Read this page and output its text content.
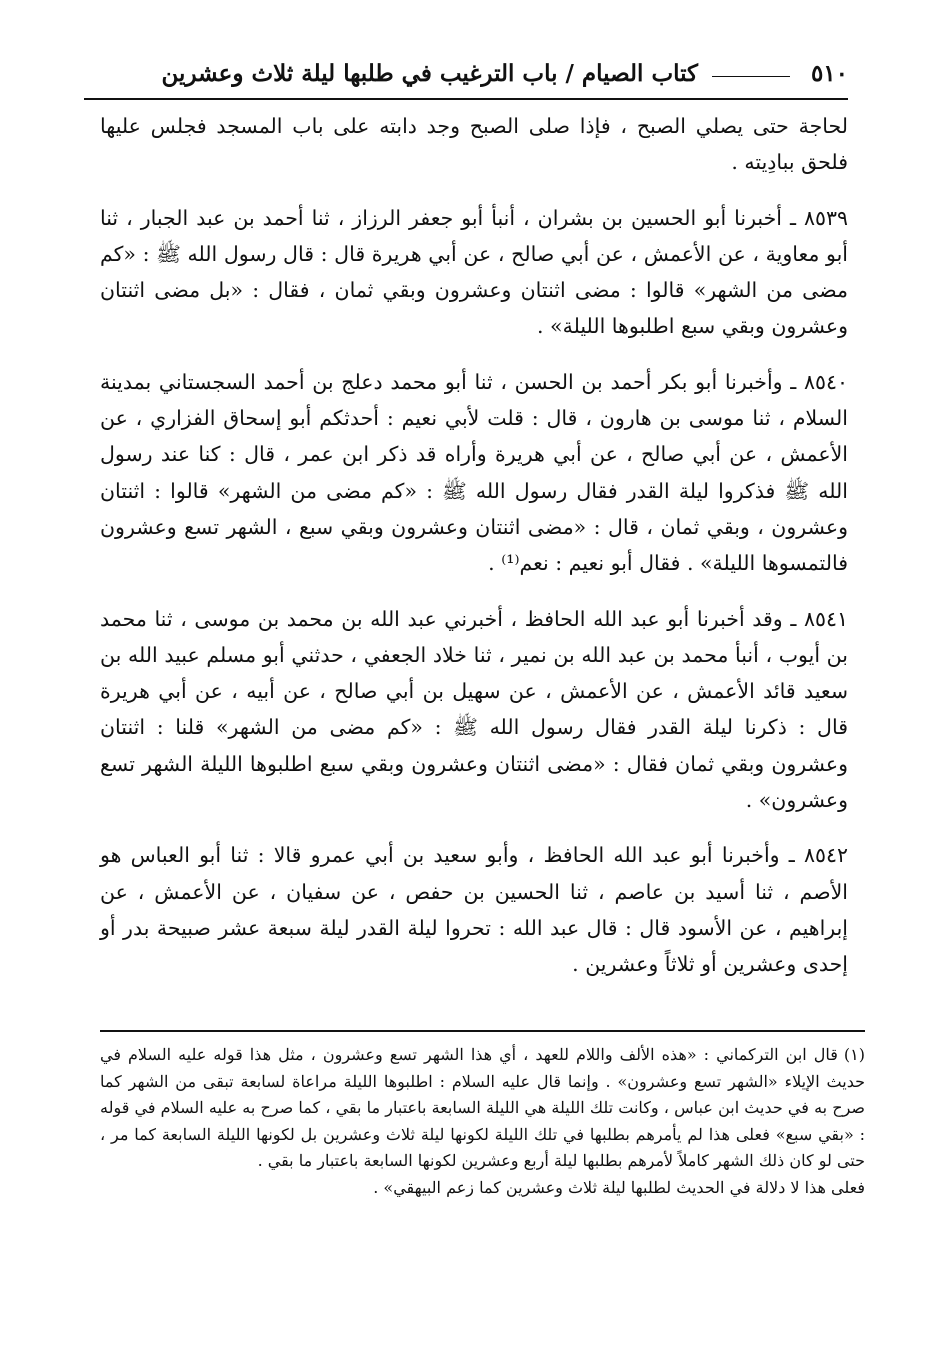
٥١٠
كتاب الصيام / باب الترغيب في طلبها ليلة ثلاث وعشرين

لحاجة حتى يصلي الصبح ، فإذا صلى الصبح وجد دابته على باب المسجد فجلس عليها فلحق ببادِيته .

٨٥٣٩ ـ أخبرنا أبو الحسين بن بشران ، أنبأ أبو جعفر الرزاز ، ثنا أحمد بن عبد الجبار ، ثنا أبو معاوية ، عن الأعمش ، عن أبي صالح ، عن أبي هريرة قال : قال رسول الله ﷺ : «كم مضى من الشهر» قالوا : مضى اثنتان وعشرون وبقي ثمان ، فقال : «بل مضى اثنتان وعشرون وبقي سبع اطلبوها الليلة» .

٨٥٤٠ ـ وأخبرنا أبو بكر أحمد بن الحسن ، ثنا أبو محمد دعلج بن أحمد السجستاني بمدينة السلام ، ثنا موسى بن هارون ، قال : قلت لأبي نعيم : أحدثكم أبو إسحاق الفزاري ، عن الأعمش ، عن أبي صالح ، عن أبي هريرة وأراه قد ذكر ابن عمر ، قال : كنا عند رسول الله ﷺ فذكروا ليلة القدر فقال رسول الله ﷺ : «كم مضى من الشهر» قالوا : اثنتان وعشرون ، وبقي ثمان ، قال : «مضى اثنتان وعشرون وبقي سبع ، الشهر تسع وعشرون فالتمسوها الليلة» . فقال أبو نعيم : نعم⁽¹⁾ .

٨٥٤١ ـ وقد أخبرنا أبو عبد الله الحافظ ، أخبرني عبد الله بن محمد بن موسى ، ثنا محمد بن أيوب ، أنبأ محمد بن عبد الله بن نمير ، ثنا خلاد الجعفي ، حدثني أبو مسلم عبيد الله بن سعيد قائد الأعمش ، عن الأعمش ، عن سهيل بن أبي صالح ، عن أبيه ، عن أبي هريرة قال : ذكرنا ليلة القدر فقال رسول الله ﷺ : «كم مضى من الشهر» قلنا : اثنتان وعشرون وبقي ثمان فقال : «مضى اثنتان وعشرون وبقي سبع اطلبوها الليلة الشهر تسع وعشرون» .

٨٥٤٢ ـ وأخبرنا أبو عبد الله الحافظ ، وأبو سعيد بن أبي عمرو قالا : ثنا أبو العباس هو الأصم ، ثنا أسيد بن عاصم ، ثنا الحسين بن حفص ، عن سفيان ، عن الأعمش ، عن إبراهيم ، عن الأسود قال : قال عبد الله : تحروا ليلة القدر ليلة سبعة عشر صبيحة بدر أو إحدى وعشرين أو ثلاثاً وعشرين .

(١)قال ابن التركماني : «هذه الألف واللام للعهد ، أي هذا الشهر تسع وعشرون ، مثل هذا قوله عليه السلام في حديث الإيلاء «الشهر تسع وعشرون» . وإنما قال عليه السلام : اطلبوها الليلة مراعاة لسابعة تبقى من الشهر كما صرح به في حديث ابن عباس ، وكانت تلك الليلة هي الليلة السابعة باعتبار ما بقي ، كما صرح به عليه السلام في قوله : «بقي سبع» فعلى هذا لم يأمرهم بطلبها في تلك الليلة لكونها ليلة ثلاث وعشرين بل لكونها الليلة السابعة كما مر ، حتى لو كان ذلك الشهر كاملاً لأمرهم بطلبها ليلة أربع وعشرين لكونها السابعة باعتبار ما بقي .

فعلى هذا لا دلالة في الحديث لطلبها ليلة ثلاث وعشرين كما زعم البيهقي» .
